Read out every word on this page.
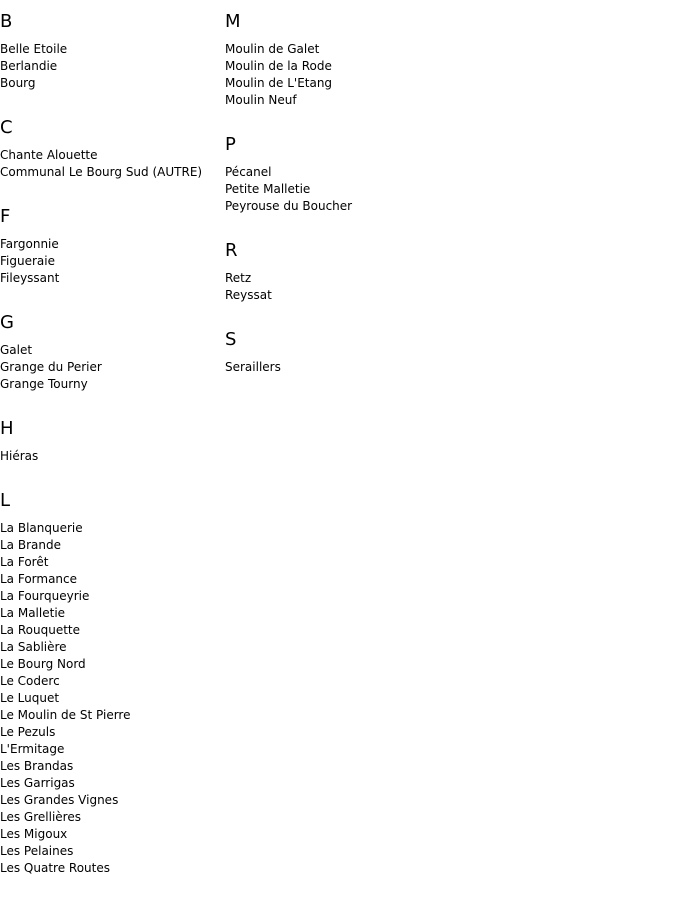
B
Belle Etoile
Berlandie
Bourg
C
Chante Alouette
Communal Le Bourg Sud (AUTRE)
F
Fargonnie
Figueraie
Fileyssant
G
Galet
Grange du Perier
Grange Tourny
H
Hiéras
L
La Blanquerie
La Brande
La Forêt
La Formance
La Fourqueyrie
La Malletie
La Rouquette
La Sablière
Le Bourg Nord
Le Coderc
Le Luquet
Le Moulin de St Pierre
Le Pezuls
L'Ermitage
Les Brandas
Les Garrigas
Les Grandes Vignes
Les Grellières
Les Migoux
Les Pelaines
Les Quatre Routes
M
Moulin de Galet
Moulin de la Rode
Moulin de L'Etang
Moulin Neuf
P
Pécanel
Petite Malletie
Peyrouse du Boucher
R
Retz
Reyssat
S
Seraillers
